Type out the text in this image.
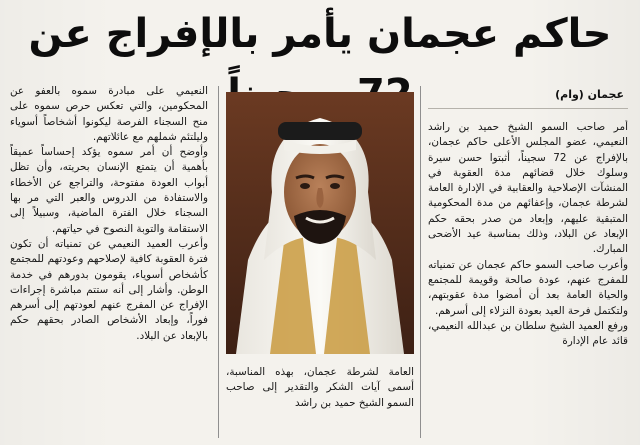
حاكم عجمان يأمر بالإفراج عن
عجمان (وام)

أمر صاحب السمو الشيخ حميد بن راشد النعيمي، عضو المجلس الأعلى حاكم عجمان، بالإفراج عن 72 سجيناً، أثبتوا حسن سيرة وسلوك خلال قضائهم مدة العقوبة في المنشآت الإصلاحية والعقابية في الإدارة العامة لشرطة عجمان، وإعفائهم من مدة المحكومية المتبقية عليهم، وإبعاد من صدر بحقه حكم الإبعاد عن البلاد، وذلك بمناسبة عيد الأضحى المبارك.

وأعرب صاحب السمو حاكم عجمان عن تمنياته للمفرج عنهم، عودة صالحة وقويمة للمجتمع والحياة العامة بعد أن أمضوا مدة عقوبتهم، ولتكتمل فرحة العيد بعودة النزلاء إلى أسرهم.

ورفع العميد الشيخ سلطان بن عبدالله النعيمي، قائد عام الإدارة

العامة لشرطة عجمان، بهذه المناسبة، أسمى آيات الشكر والتقدير إلى صاحب السمو الشيخ حميد بن راشد

النعيمي على مبادرة سموه بالعفو عن المحكومين، والتي تعكس حرص سموه على منح السجناء الفرصة ليكونوا أشخاصاً أسوياء وليلتئم شملهم مع عائلاتهم.

وأوضح أن أمر سموه يؤكد إحساساً عميقاً بأهمية أن يتمتع الإنسان بحريته، وأن تظل أبواب العودة مفتوحة، والتراجع عن الأخطاء والاستفادة من الدروس والعبر التي مر بها السجناء خلال الفترة الماضية، وسبيلاً إلى الاستقامة والتوبة النصوح في حياتهم.

وأعرب العميد النعيمي عن تمنياته أن تكون فترة العقوبة كافية لإصلاحهم وعودتهم للمجتمع كأشخاص أسوياء، يقومون بدورهم في خدمة الوطن. وأشار إلى أنه ستتم مباشرة إجراءات الإفراج عن المفرج عنهم لعودتهم إلى أسرهم فوراً، وإبعاد الأشخاص الصادر بحقهم حكم بالإبعاد عن البلاد.
